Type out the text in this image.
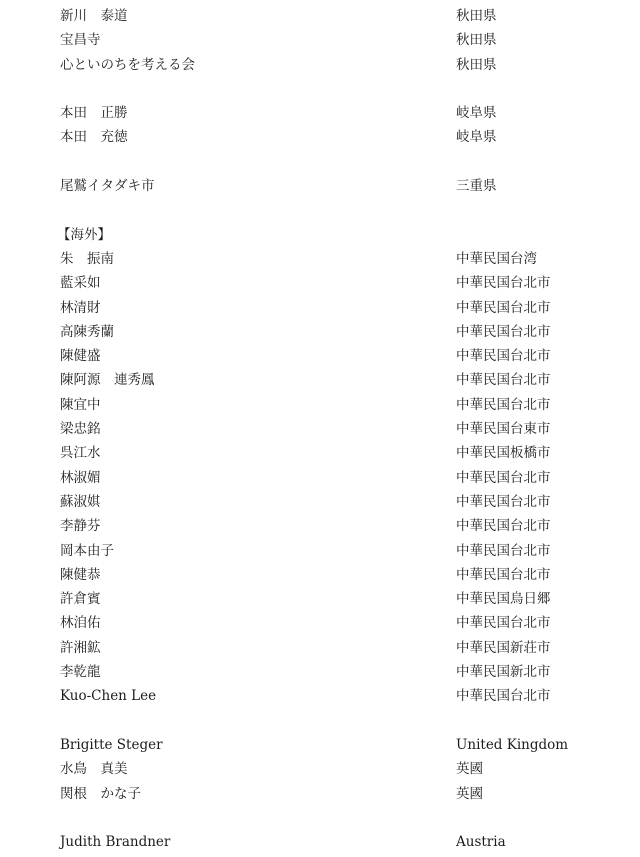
新川　泰道	秋田県
宝昌寺	秋田県
心といのちを考える会	秋田県
本田　正勝	岐阜県
本田　充徳	岐阜県
尾鷲イタダキ市	三重県
【海外】
朱　振南	中華民国台湾
藍采如	中華民国台北市
林清財	中華民国台北市
高陳秀蘭	中華民国台北市
陳健盛	中華民国台北市
陳阿源　連秀鳳	中華民国台北市
陳宜中	中華民国台北市
梁忠銘	中華民国台東市
呉江水	中華民国板橋市
林淑媚	中華民国台北市
蘇淑娸	中華民国台北市
李静芬	中華民国台北市
岡本由子	中華民国台北市
陳健恭	中華民国台北市
許倉賓	中華民国烏日郷
林洎佑	中華民国台北市
許湘鉱	中華民国新荘市
李乾龍	中華民国新北市
Kuo-Chen Lee	中華民国台北市
Brigitte Steger	United Kingdom
水鳥　真美	英國
関根　かな子	英國
Judith Brandner	Austria
